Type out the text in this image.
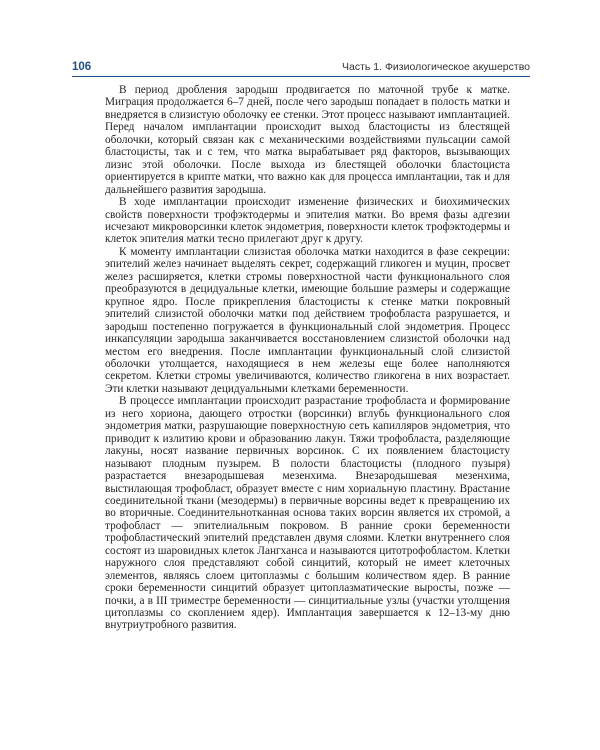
106	Часть 1. Физиологическое акушерство

В период дробления зародыш продвигается по маточной трубе к матке. Миграция продолжается 6–7 дней, после чего зародыш попадает в полость матки и внедряется в слизистую оболочку ее стенки. Этот процесс называют имплантацией. Перед началом имплантации происходит выход бластоцисты из блестящей оболочки, который связан как с механическими воздействиями пульсации самой бластоцисты, так и с тем, что матка вырабатывает ряд факторов, вызывающих лизис этой оболочки. После выхода из блестящей оболочки бластоциста ориентируется в крипте матки, что важно как для процесса имплантации, так и для дальнейшего развития зародыша.

В ходе имплантации происходит изменение физических и биохимических свойств поверхности трофэктодермы и эпителия матки. Во время фазы адгезии исчезают микроворсинки клеток эндометрия, поверхности клеток трофэктодермы и клеток эпителия матки тесно прилегают друг к другу.

К моменту имплантации слизистая оболочка матки находится в фазе секреции: эпителий желез начинает выделять секрет, содержащий гликоген и муцин, просвет желез расширяется, клетки стромы поверхностной части функционального слоя преобразуются в децидуальные клетки, имеющие большие размеры и содержащие крупное ядро. После прикрепления бластоцисты к стенке матки покровный эпителий слизистой оболочки матки под действием трофобласта разрушается, и зародыш постепенно погружается в функциональный слой эндометрия. Процесс инкапсуляции зародыша заканчивается восстановлением слизистой оболочки над местом его внедрения. После имплантации функциональный слой слизистой оболочки утолщается, находящиеся в нем железы еще более наполняются секретом. Клетки стромы увеличиваются, количество гликогена в них возрастает. Эти клетки называют децидуальными клетками беременности.

В процессе имплантации происходит разрастание трофобласта и формирование из него хориона, дающего отростки (ворсинки) вглубь функционального слоя эндометрия матки, разрушающие поверхностную сеть капилляров эндометрия, что приводит к излитию крови и образованию лакун. Тяжи трофобласта, разделяющие лакуны, носят название первичных ворсинок. С их появлением бластоцисту называют плодным пузырем. В полости бластоцисты (плодного пузыря) разрастается внезародышевая мезенхима. Внезародышевая мезенхима, выстилающая трофобласт, образует вместе с ним хориальную пластину. Врастание соединительной ткани (мезодермы) в первичные ворсины ведет к превращению их во вторичные. Соединительнотканная основа таких ворсин является их стромой, а трофобласт — эпителиальным покровом. В ранние сроки беременности трофобластический эпителий представлен двумя слоями. Клетки внутреннего слоя состоят из шаровидных клеток Лангханса и называются цитотрофобластом. Клетки наружного слоя представляют собой синцитий, который не имеет клеточных элементов, являясь слоем цитоплазмы с большим количеством ядер. В ранние сроки беременности синцитий образует цитоплазматические выросты, позже — почки, а в III триместре беременности — синцитиальные узлы (участки утолщения цитоплазмы со скоплением ядер). Имплантация завершается к 12–13-му дню внутриутробного развития.
